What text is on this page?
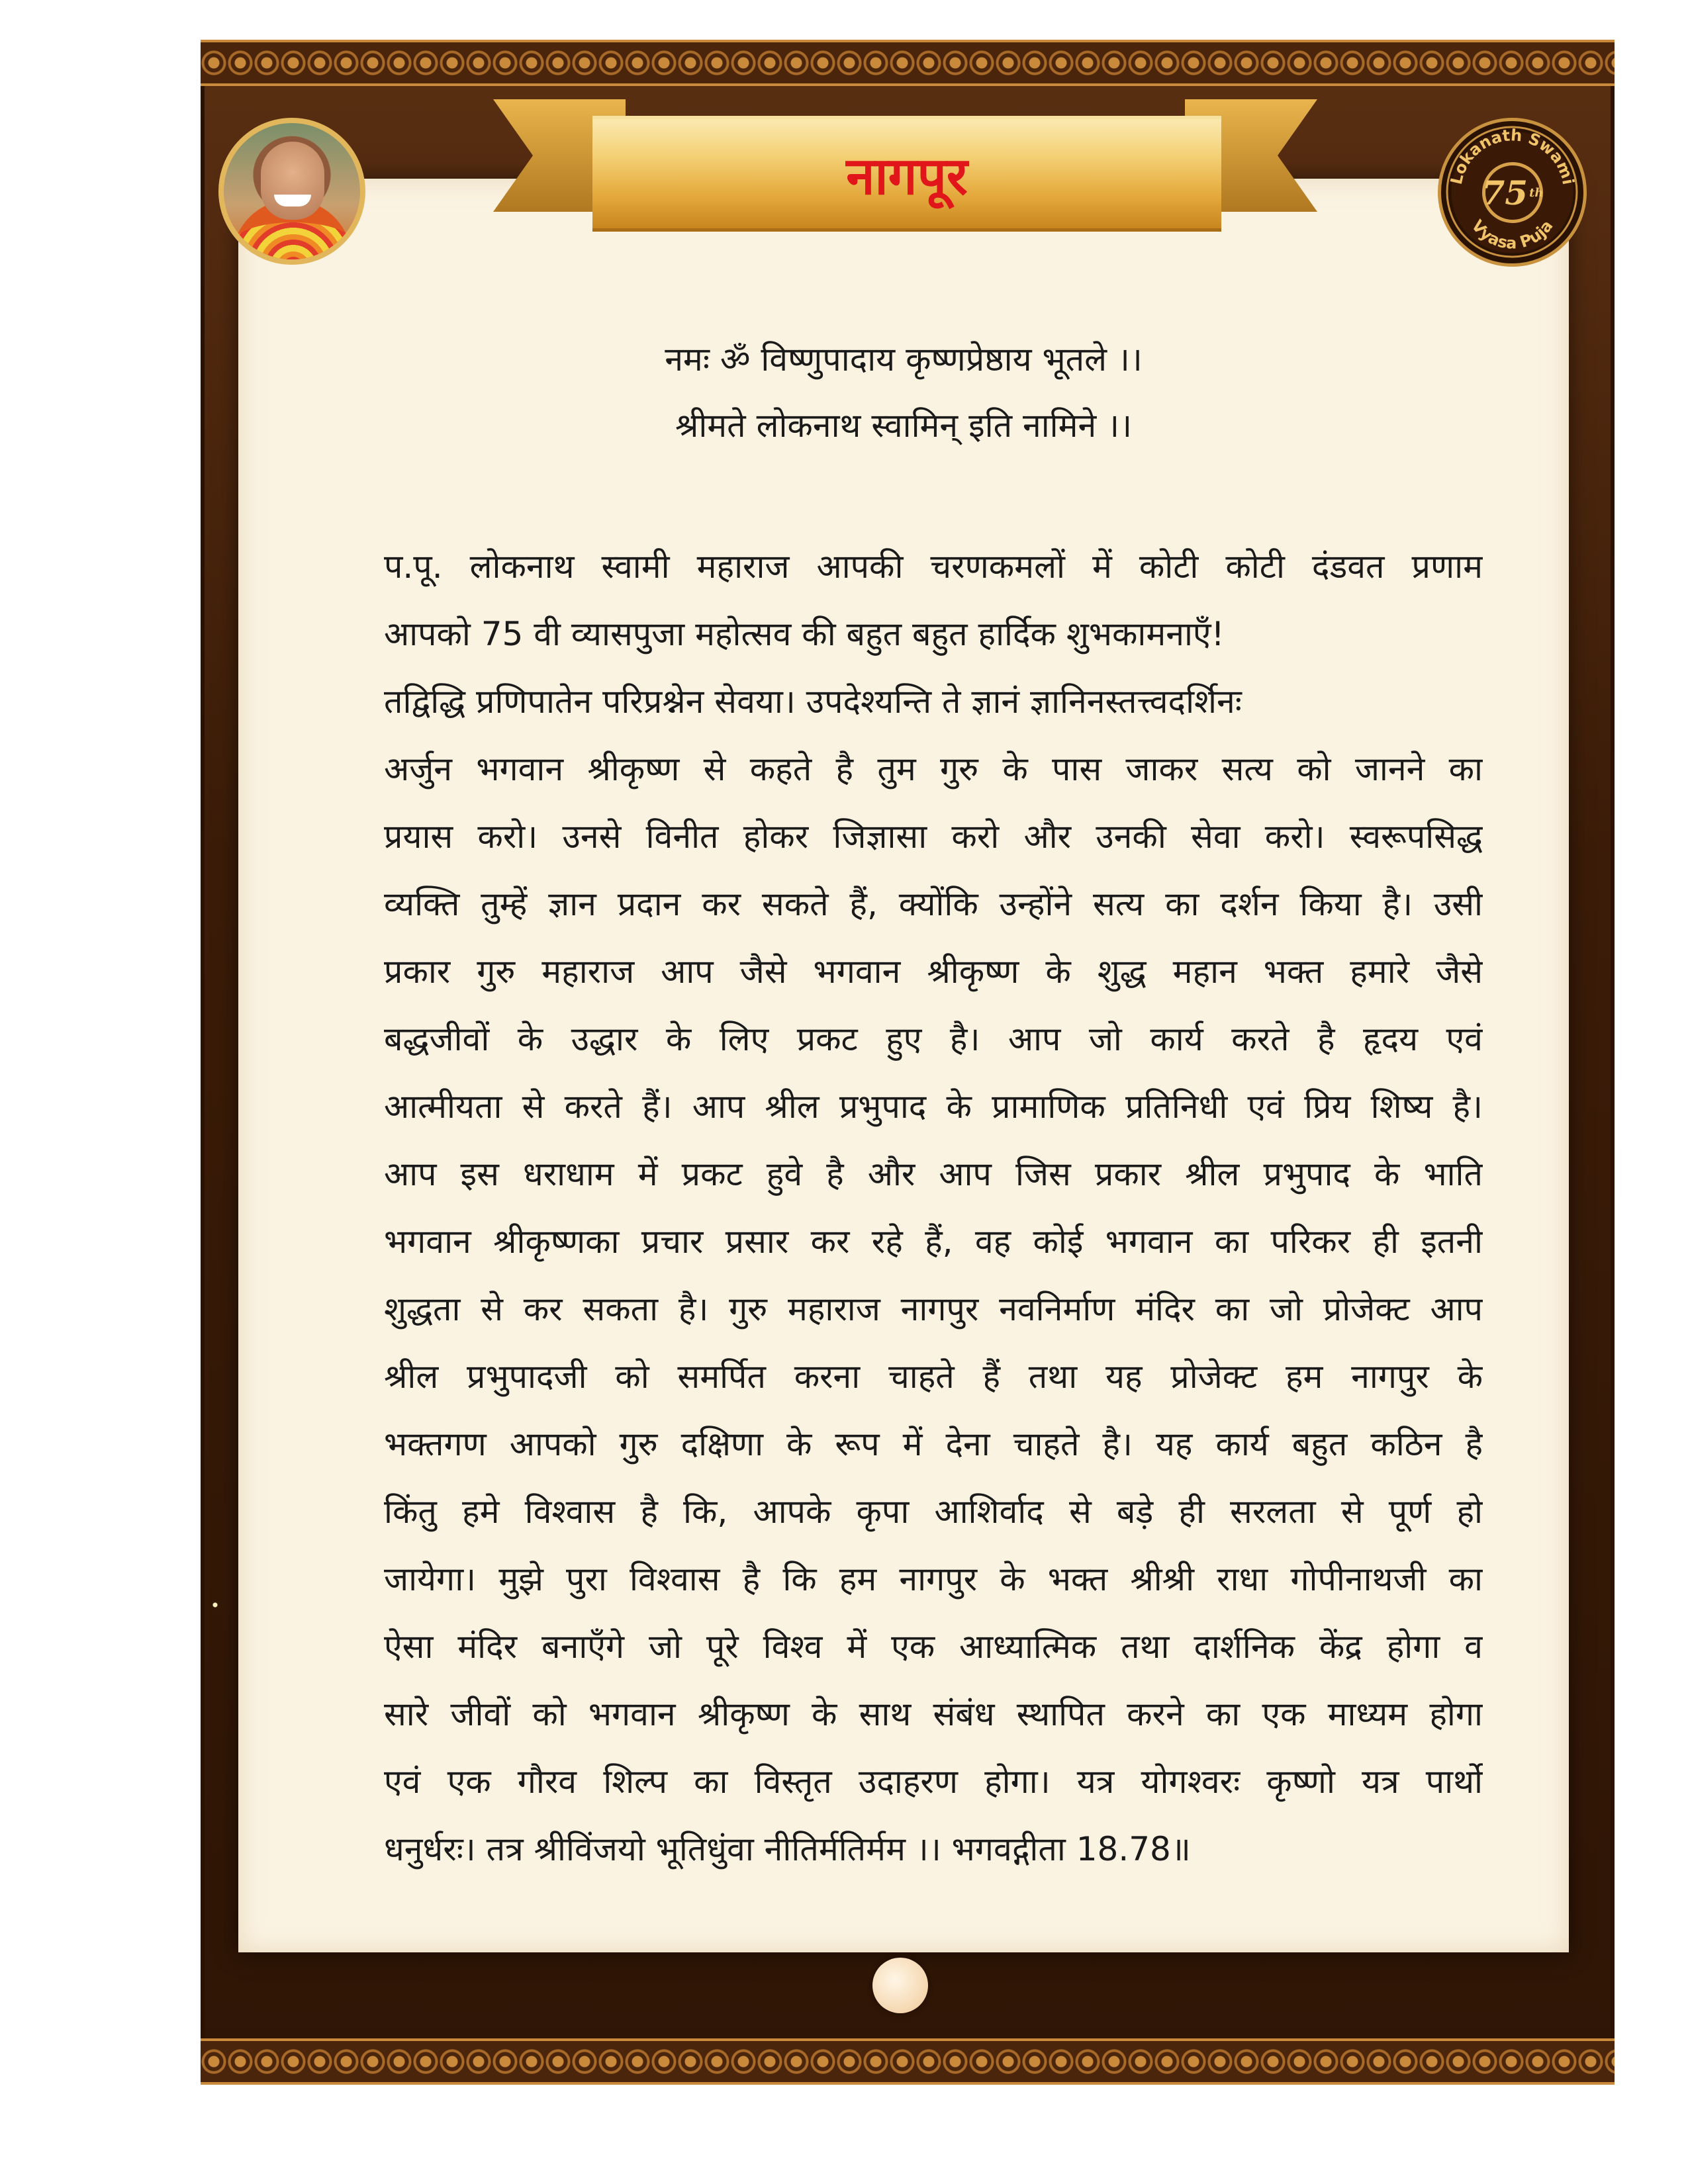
नागपूर	Lokanath Swami
Vyasa Puja
75 th

नमः ॐ विष्णुपादाय कृष्णप्रेष्ठाय भूतले ।।

श्रीमते लोकनाथ स्वामिन् इति नामिने ।।

प.पू. लोकनाथ स्वामी महाराज आपकी चरणकमलों में कोटी कोटी दंडवत प्रणाम
आपको 75 वी व्यासपुजा महोत्सव की बहुत बहुत हार्दिक शुभकामनाएँ!
तद्विद्धि प्रणिपातेन परिप्रश्नेन सेवया। उपदेश्यन्ति ते ज्ञानं ज्ञानिनस्तत्त्वदर्शिनः
अर्जुन भगवान श्रीकृष्ण से कहते है तुम गुरु के पास जाकर सत्य को जानने का
प्रयास करो। उनसे विनीत होकर जिज्ञासा करो और उनकी सेवा करो। स्वरूपसिद्ध
व्यक्ति तुम्हें ज्ञान प्रदान कर सकते हैं, क्योंकि उन्होंने सत्य का दर्शन किया है। उसी
प्रकार गुरु महाराज आप जैसे भगवान श्रीकृष्ण के शुद्ध महान भक्त हमारे जैसे
बद्धजीवों के उद्धार के लिए प्रकट हुए है। आप जो कार्य करते है हृदय एवं
आत्मीयता से करते हैं। आप श्रील प्रभुपाद के प्रामाणिक प्रतिनिधी एवं प्रिय शिष्य है।
आप इस धराधाम में प्रकट हुवे है और आप जिस प्रकार श्रील प्रभुपाद के भाति
भगवान श्रीकृष्णका प्रचार प्रसार कर रहे हैं, वह कोई भगवान का परिकर ही इतनी
शुद्धता से कर सकता है। गुरु महाराज नागपुर नवनिर्माण मंदिर का जो प्रोजेक्ट आप
श्रील प्रभुपादजी को समर्पित करना चाहते हैं तथा यह प्रोजेक्ट हम नागपुर के
भक्तगण आपको गुरु दक्षिणा के रूप में देना चाहते है। यह कार्य बहुत कठिन है
किंतु हमे विश्वास है कि, आपके कृपा आशिर्वाद से बड़े ही सरलता से पूर्ण हो
जायेगा। मुझे पुरा विश्वास है कि हम नागपुर के भक्त श्रीश्री राधा गोपीनाथजी का
ऐसा मंदिर बनाएँगे जो पूरे विश्व में एक आध्यात्मिक तथा दार्शनिक केंद्र होगा व
सारे जीवों को भगवान श्रीकृष्ण के साथ संबंध स्थापित करने का एक माध्यम होगा
एवं एक गौरव शिल्प का विस्तृत उदाहरण होगा। यत्र योगश्वरः कृष्णो यत्र पार्थो
धनुर्धरः। तत्र श्रीविंजयो भूतिधुंवा नीतिर्मतिर्मम ।। भगवद्गीता 18.78॥
